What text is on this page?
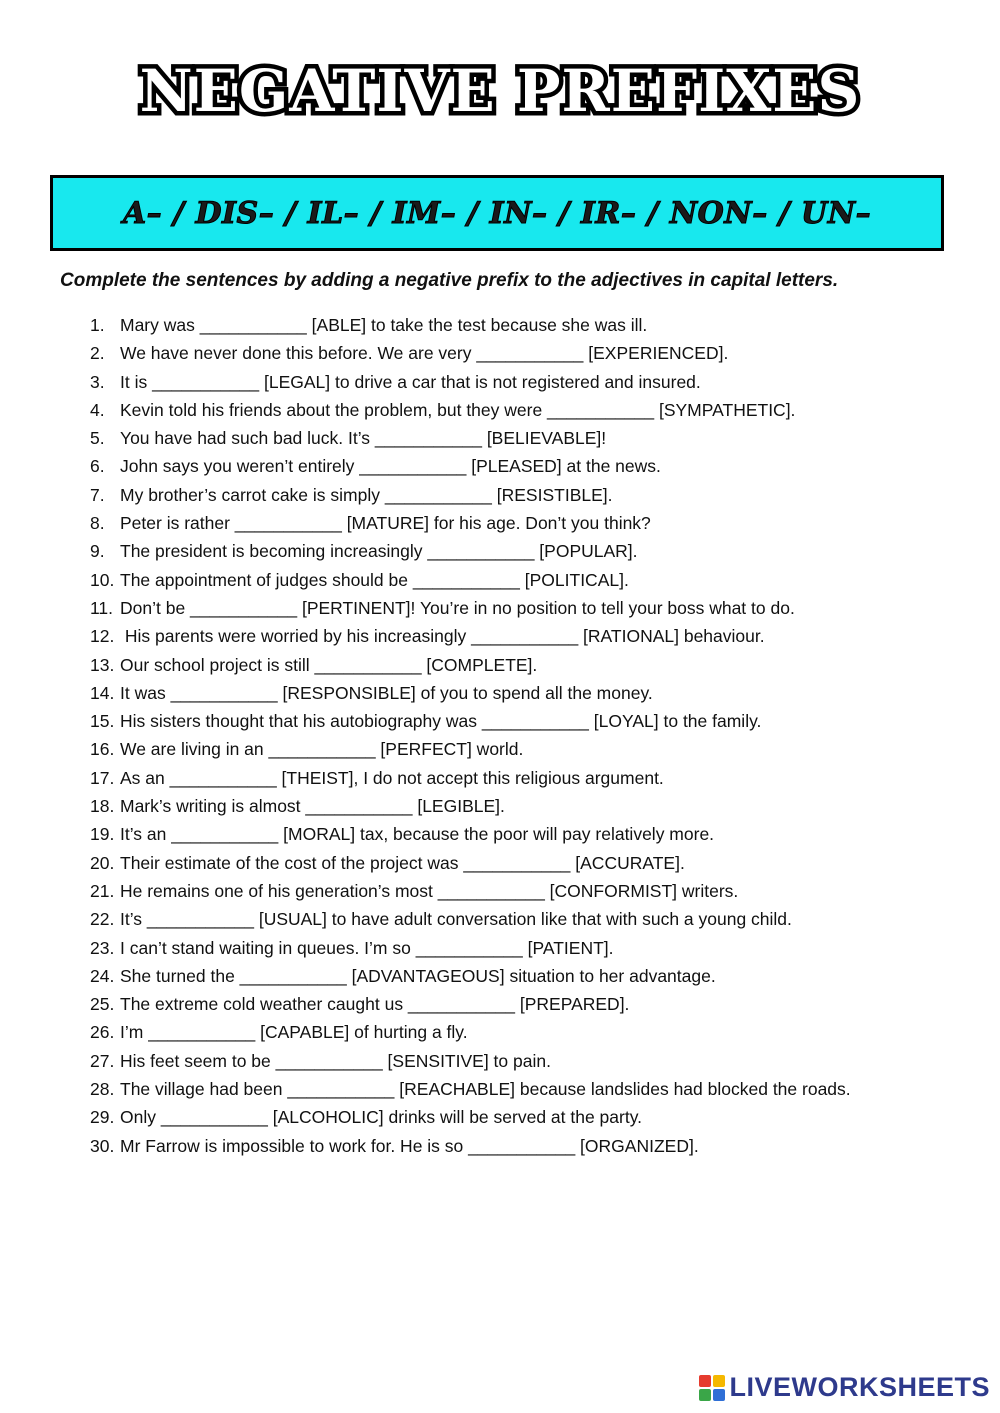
NEGATIVE PREFIXES
A– / DIS– / IL– / IM– / IN– / IR– / NON– / UN–
Complete the sentences by adding a negative prefix to the adjectives in capital letters.
1. Mary was ___________ [ABLE] to take the test because she was ill.
2. We have never done this before. We are very ___________ [EXPERIENCED].
3. It is ___________ [LEGAL] to drive a car that is not registered and insured.
4. Kevin told his friends about the problem, but they were ___________ [SYMPATHETIC].
5. You have had such bad luck. It’s ___________ [BELIEVABLE]!
6. John says you weren’t entirely ___________ [PLEASED] at the news.
7. My brother’s carrot cake is simply ___________ [RESISTIBLE].
8. Peter is rather ___________ [MATURE] for his age. Don’t you think?
9. The president is becoming increasingly ___________ [POPULAR].
10. The appointment of judges should be ___________ [POLITICAL].
11. Don’t be ___________ [PERTINENT]! You’re in no position to tell your boss what to do.
12. His parents were worried by his increasingly ___________ [RATIONAL] behaviour.
13. Our school project is still ___________ [COMPLETE].
14. It was ___________ [RESPONSIBLE] of you to spend all the money.
15. His sisters thought that his autobiography was ___________ [LOYAL] to the family.
16. We are living in an ___________ [PERFECT] world.
17. As an ___________ [THEIST], I do not accept this religious argument.
18. Mark’s writing is almost ___________ [LEGIBLE].
19. It’s an ___________ [MORAL] tax, because the poor will pay relatively more.
20. Their estimate of the cost of the project was ___________ [ACCURATE].
21. He remains one of his generation’s most ___________ [CONFORMIST] writers.
22. It’s ___________ [USUAL] to have adult conversation like that with such a young child.
23. I can’t stand waiting in queues. I’m so ___________ [PATIENT].
24. She turned the ___________ [ADVANTAGEOUS] situation to her advantage.
25. The extreme cold weather caught us ___________ [PREPARED].
26. I’m ___________ [CAPABLE] of hurting a fly.
27. His feet seem to be ___________ [SENSITIVE] to pain.
28. The village had been ___________ [REACHABLE] because landslides had blocked the roads.
29. Only ___________ [ALCOHOLIC] drinks will be served at the party.
30. Mr Farrow is impossible to work for. He is so ___________ [ORGANIZED].
LIVEWORKSHEETS
